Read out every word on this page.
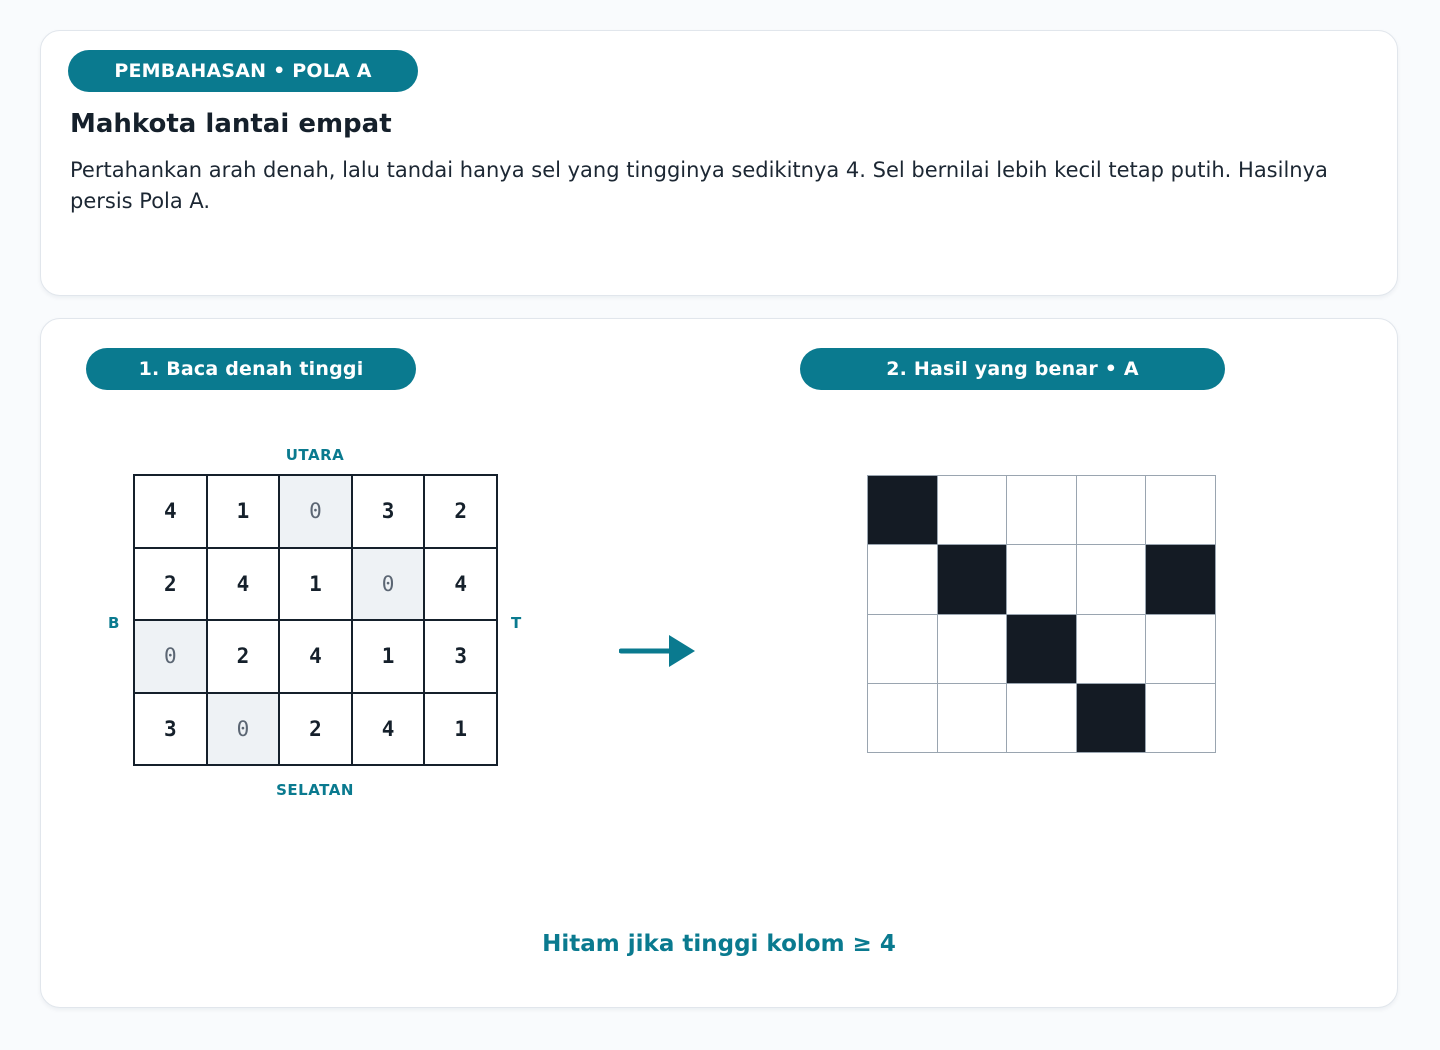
PEMBAHASAN • POLA A
Mahkota lantai empat
Pertahankan arah denah, lalu tandai hanya sel yang tingginya sedikitnya 4. Sel bernilai lebih kecil tetap putih. Hasilnya persis Pola A.
1. Baca denah tinggi	2. Hasil yang benar • A
UTARA
SELATAN
B	T
4	1	0	3	2
2	4	1	0	4
0	2	4	1	3
3	0	2	4	1
Hitam jika tinggi kolom ≥ 4
